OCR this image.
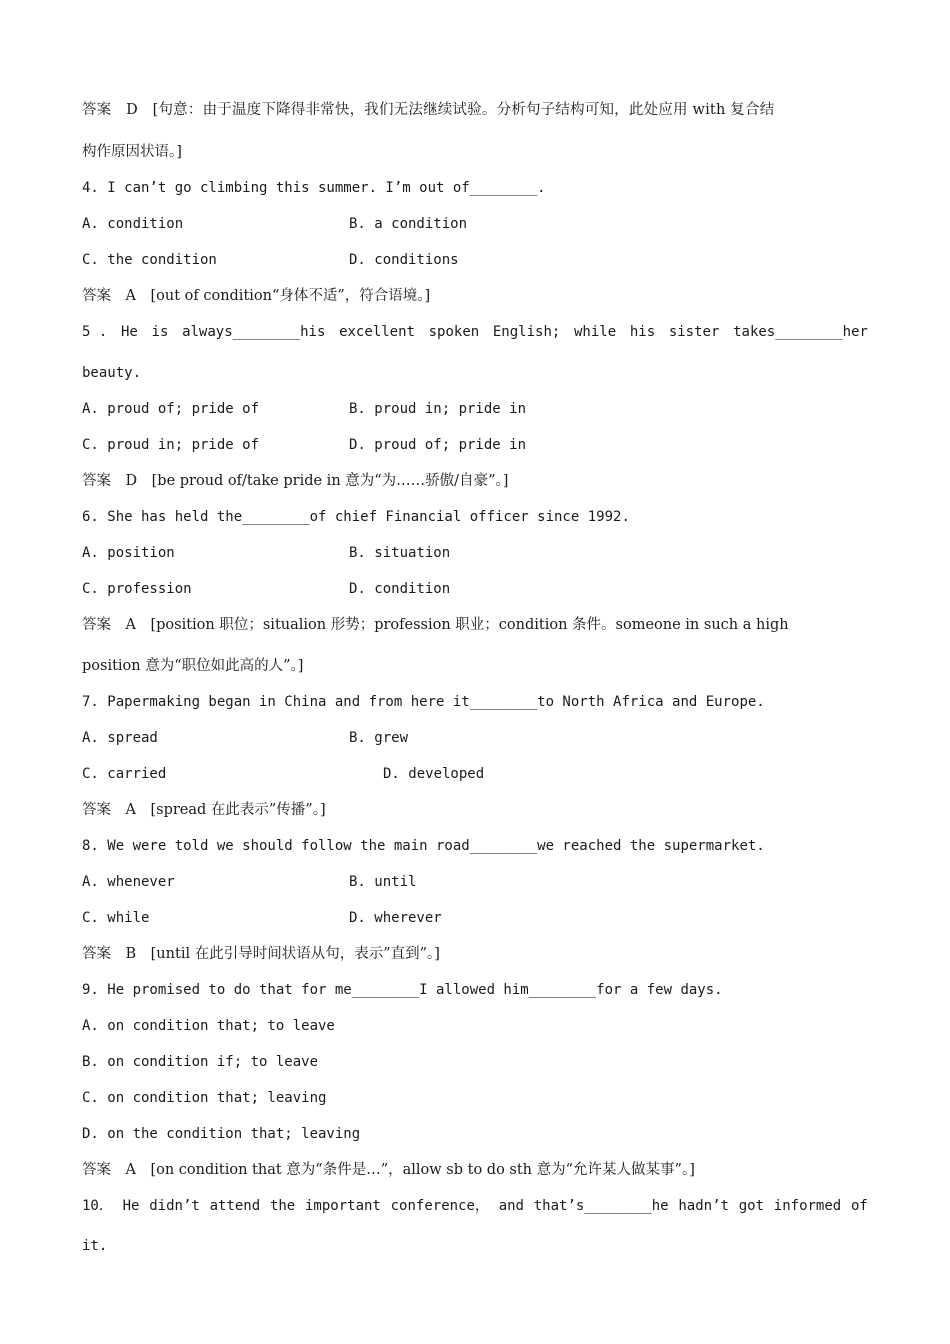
答案　D　[句意：由于温度下降得非常快，我们无法继续试验。分析句子结构可知，此处应用 with 复合结
构作原因状语。]
4. I can’t go climbing this summer. I’m out of________.
A. condition	B. a condition
C. the condition	D. conditions
答案　A　[out of condition“身体不适”，符合语境。]
5 . He is always________his excellent spoken English; while his sister takes________her
beauty.
A. proud of; pride of	B. proud in; pride in
C. proud in; pride of	D. proud of; pride in
答案　D　[be proud of/take pride in 意为“为……骄傲/自豪”。]
6. She has held the________of chief Financial officer since 1992.
A. position	B. situation
C. profession	D. condition
答案　A　[position 职位；situalion 形势；profession 职业；condition 条件。someone in such a high
position 意为“职位如此高的人”。]
7. Papermaking began in China and from here it________to North Africa and Europe.
A. spread	B. grew
C. carried	D. developed
答案　A　[spread 在此表示”传播”。]
8. We were told we should follow the main road________we reached the supermarket.
A. whenever	B. until
C. while	D. wherever
答案　B　[until 在此引导时间状语从句，表示”直到”。]
9. He promised to do that for me________I allowed him________for a few days.
A. on condition that; to leave
B. on condition if; to leave
C. on condition that; leaving
D. on the condition that; leaving
答案　A　[on condition that 意为“条件是…”，allow sb to do sth 意为“允许某人做某事”。]
10． He didn’t attend the important conference， and that’s________he hadn’t got informed of
it.
